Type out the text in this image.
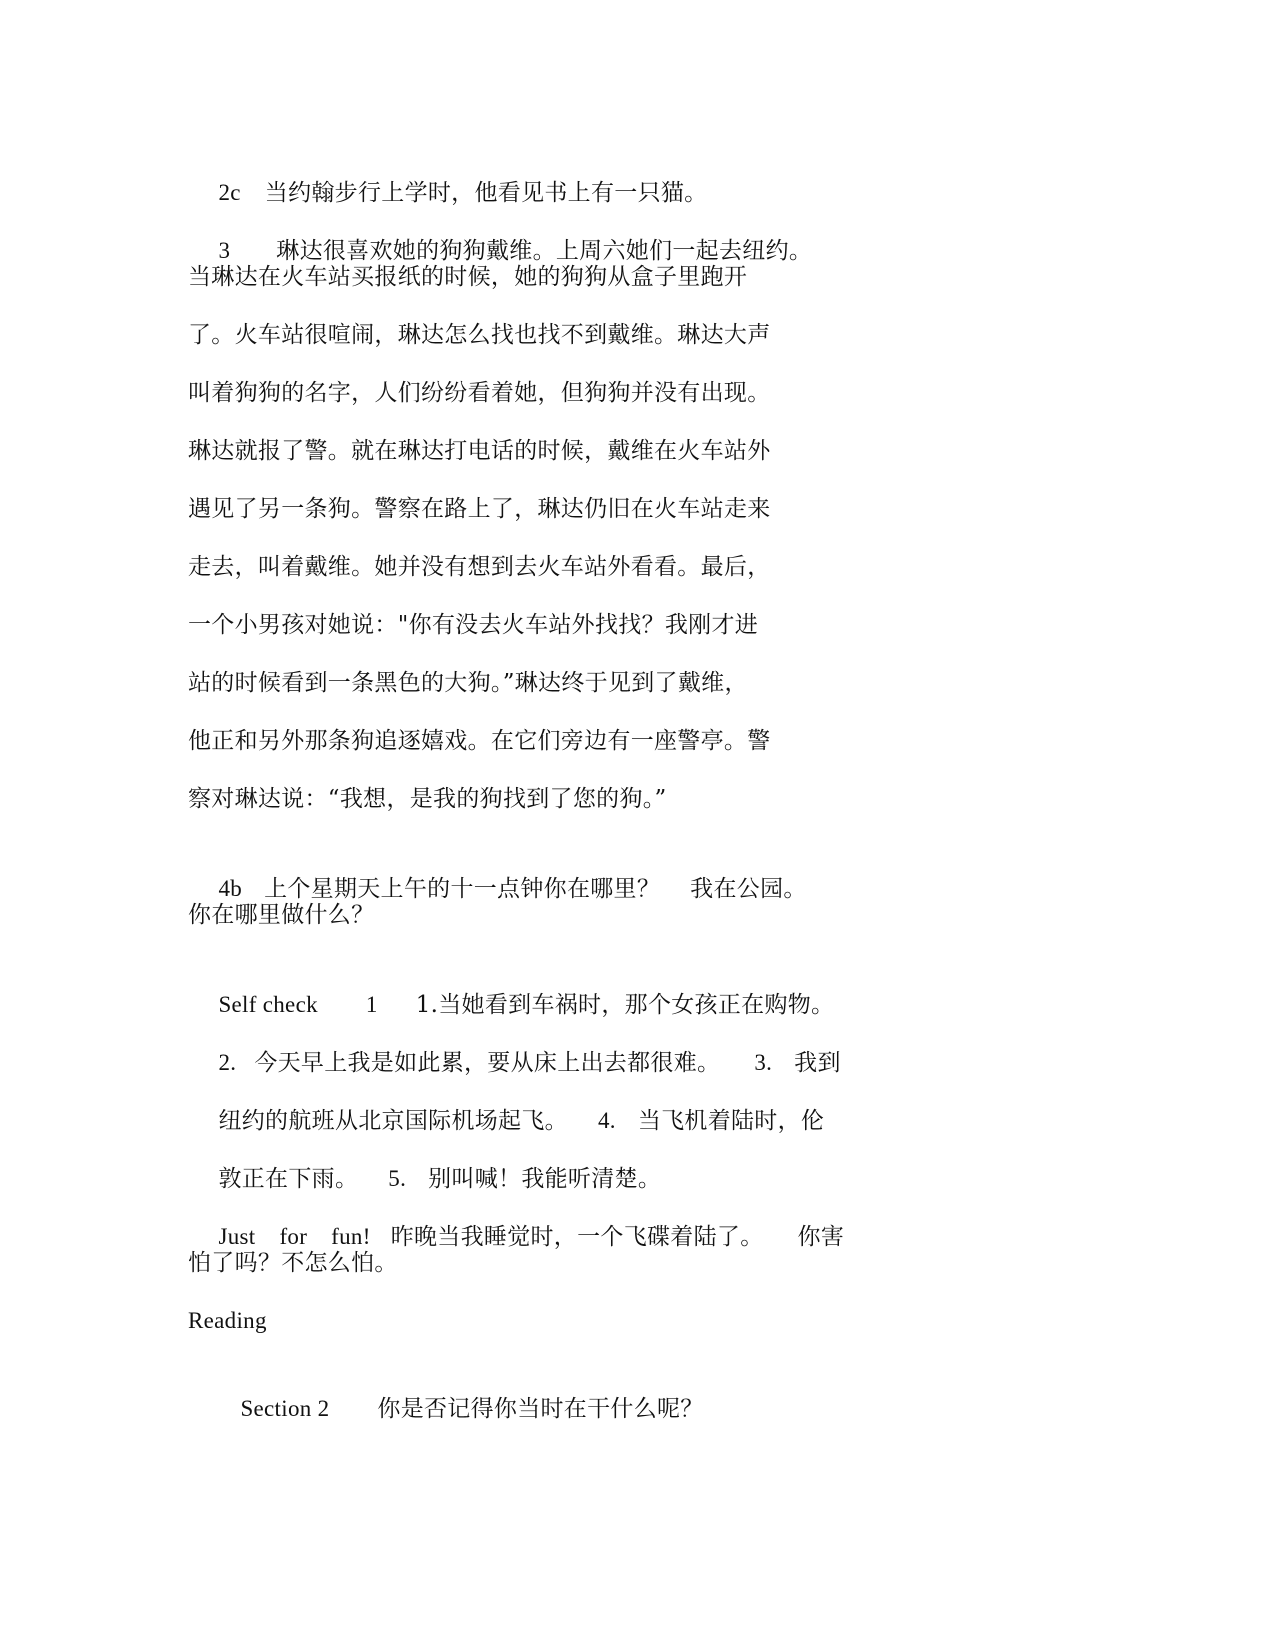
2c 当约翰步行上学时，他看见书上有一只猫。

3 琳达很喜欢她的狗狗戴维。上周六她们一起去纽约。

当琳达在火车站买报纸的时候，她的狗狗从盒子里跑开
了。火车站很喧闹，琳达怎么找也找不到戴维。琳达大声
叫着狗狗的名字，人们纷纷看着她，但狗狗并没有出现。
琳达就报了警。就在琳达打电话的时候，戴维在火车站外
遇见了另一条狗。警察在路上了，琳达仍旧在火车站走来
走去，叫着戴维。她并没有想到去火车站外看看。最后，
一个小男孩对她说："你有没去火车站外找找？我刚才进
站的时候看到一条黑色的大狗。”琳达终于见到了戴维，
他正和另外那条狗追逐嬉戏。在它们旁边有一座警亭。警
察对琳达说：“我想，是我的狗找到了您的狗。”

4b 上个星期天上午的十一点钟你在哪里？ 我在公园。

你在哪里做什么？

Self check 1 1.当她看到车祸时，那个女孩正在购物。

2. 今天早上我是如此累，要从床上出去都很难。 3. 我到

纽约的航班从北京国际机场起飞。 4. 当飞机着陆时，伦

敦正在下雨。 5. 别叫喊！我能听清楚。

Just for fun! 昨晚当我睡觉时，一个飞碟着陆了。 你害

怕了吗？不怎么怕。
Reading

Section 2 你是否记得你当时在干什么呢？
